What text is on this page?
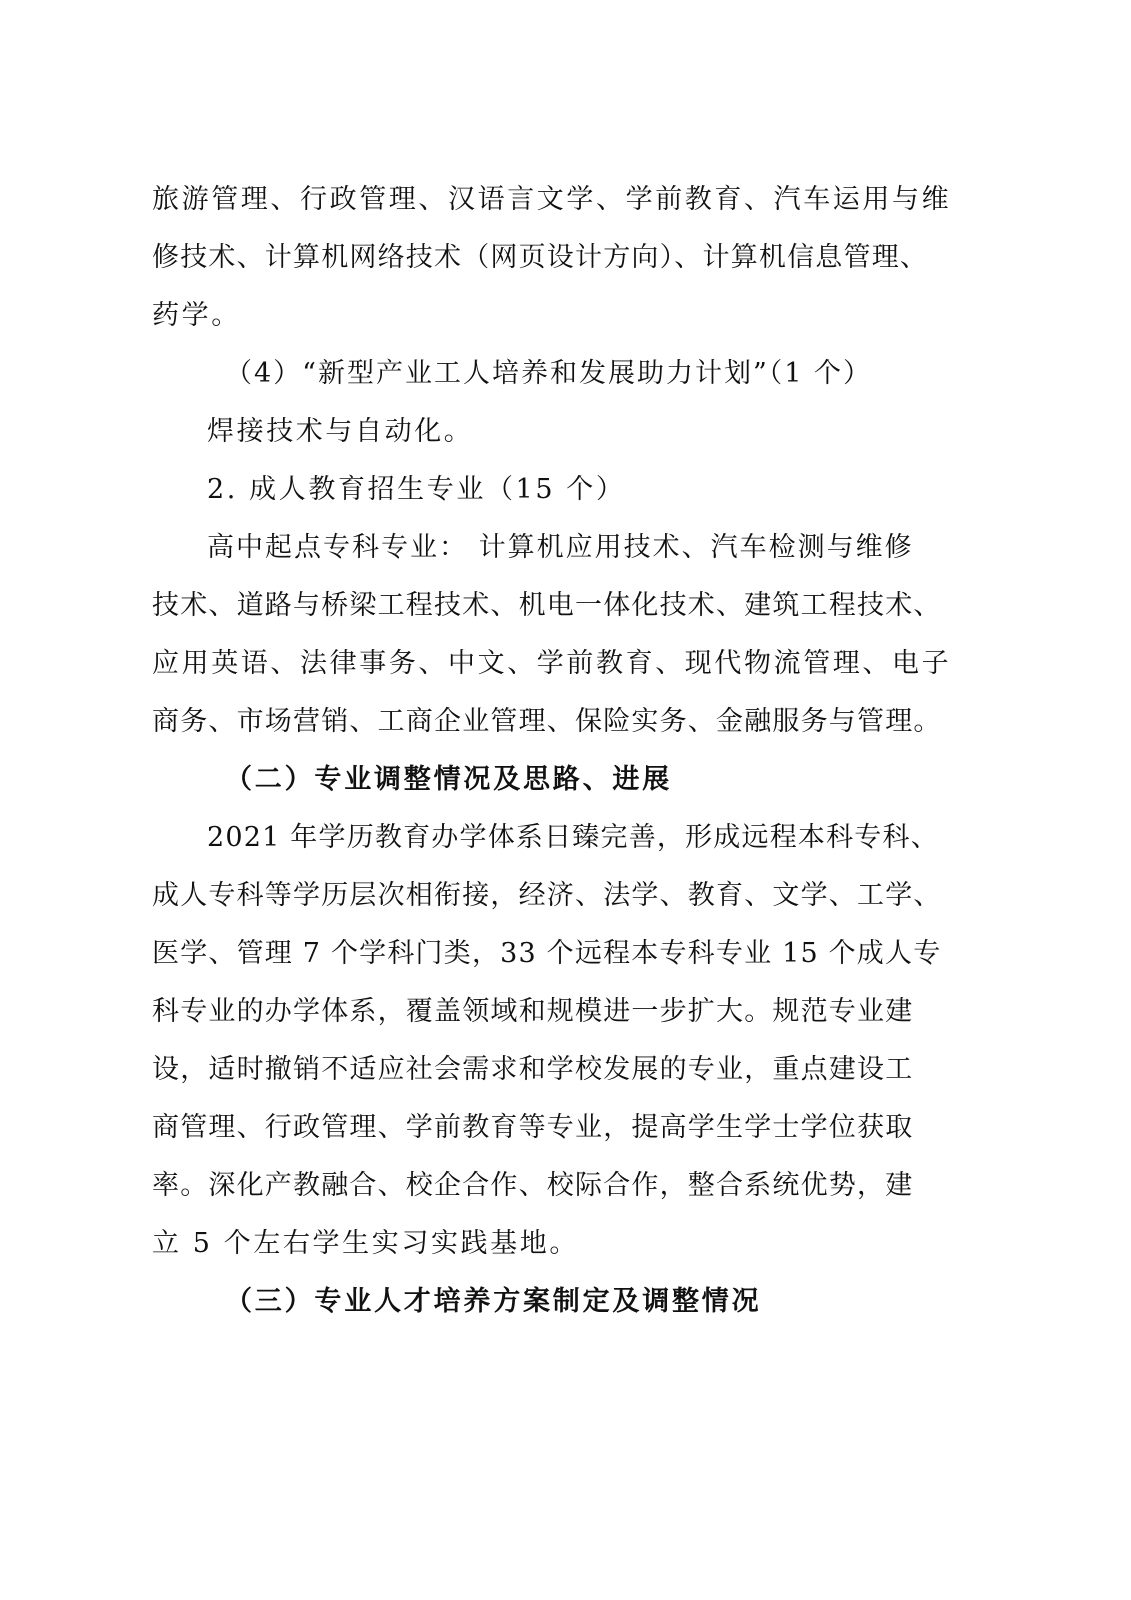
旅游管理、行政管理、汉语言文学、学前教育、汽车运用与维
修技术、计算机网络技术（网页设计方向）、计算机信息管理、
药学。
（4）“新型产业工人培养和发展助力计划”（1 个）
焊接技术与自动化。
2. 成人教育招生专业（15 个）
高中起点专科专业： 计算机应用技术、汽车检测与维修
技术、道路与桥梁工程技术、机电一体化技术、建筑工程技术、
应用英语、法律事务、中文、学前教育、现代物流管理、电子
商务、市场营销、工商企业管理、保险实务、金融服务与管理。
（二）专业调整情况及思路、进展
2021 年学历教育办学体系日臻完善，形成远程本科专科、
成人专科等学历层次相衔接，经济、法学、教育、文学、工学、
医学、管理 7 个学科门类，33 个远程本专科专业 15 个成人专
科专业的办学体系，覆盖领域和规模进一步扩大。规范专业建
设，适时撤销不适应社会需求和学校发展的专业，重点建设工
商管理、行政管理、学前教育等专业，提高学生学士学位获取
率。深化产教融合、校企合作、校际合作，整合系统优势，建
立 5 个左右学生实习实践基地。
（三）专业人才培养方案制定及调整情况
